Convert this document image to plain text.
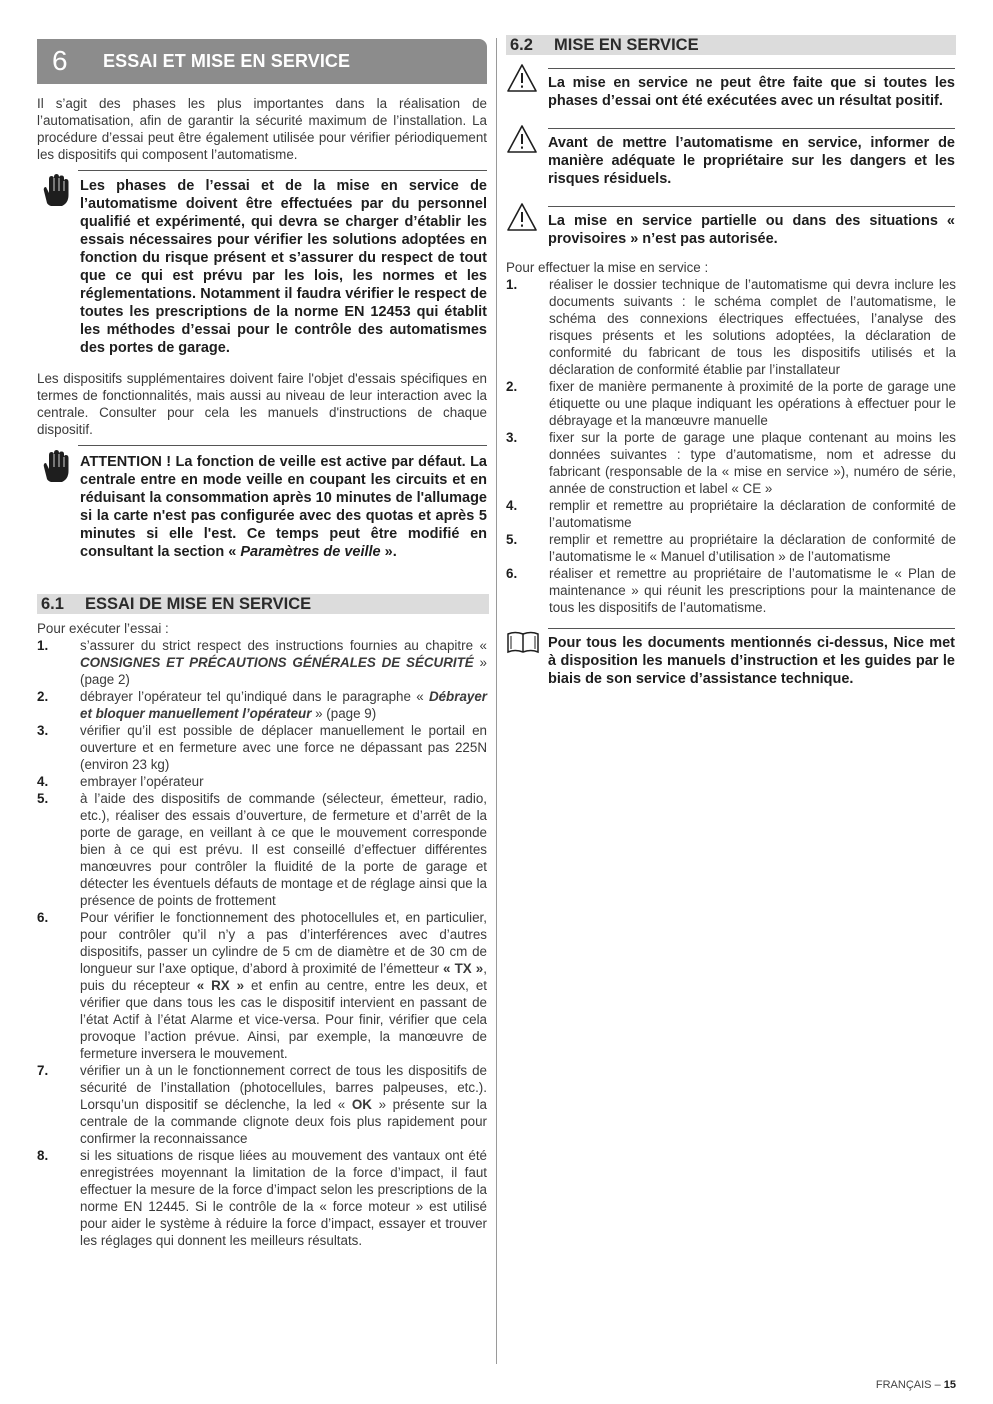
6 ESSAI ET MISE EN SERVICE
Il s’agit des phases les plus importantes dans la réalisation de l’automatisation, afin de garantir la sécurité maximum de l’installation. La procédure d’essai peut être également utilisée pour vérifier périodiquement les dispositifs qui composent l’automatisme.
Les phases de l’essai et de la mise en service de l’automatisme doivent être effectuées par du personnel qualifié et expérimenté, qui devra se charger d’établir les essais nécessaires pour vérifier les solutions adoptées en fonction du risque présent et s’assurer du respect de tout que ce qui est prévu par les lois, les normes et les réglementations. Notamment il faudra vérifier le respect de toutes les prescriptions de la norme EN 12453 qui établit les méthodes d’essai pour le contrôle des automatismes des portes de garage.
Les dispositifs supplémentaires doivent faire l'objet d'essais spécifiques en termes de fonctionnalités, mais aussi au niveau de leur interaction avec la centrale. Consulter pour cela les manuels d'instructions de chaque dispositif.
ATTENTION ! La fonction de veille est active par défaut. La centrale entre en mode veille en coupant les circuits et en réduisant la consommation après 10 minutes de l'allumage si la carte n'est pas configurée avec des quotas et après 5 minutes si elle l'est. Ce temps peut être modifié en consultant la section « Paramètres de veille ».
6.1 ESSAI DE MISE EN SERVICE
Pour exécuter l’essai :
1. s’assurer du strict respect des instructions fournies au chapitre « CONSIGNES ET PRÉCAUTIONS GÉNÉRALES DE SÉCURITÉ » (page 2)
2. débrayer l’opérateur tel qu’indiqué dans le paragraphe « Débrayer et bloquer manuellement l’opérateur » (page 9)
3. vérifier qu’il est possible de déplacer manuellement le portail en ouverture et en fermeture avec une force ne dépassant pas 225N (environ 23 kg)
4. embrayer l’opérateur
5. à l’aide des dispositifs de commande (sélecteur, émetteur, radio, etc.), réaliser des essais d’ouverture, de fermeture et d’arrêt de la porte de garage, en veillant à ce que le mouvement corresponde bien à ce qui est prévu. Il est conseillé d’effectuer différentes manœuvres pour contrôler la fluidité de la porte de garage et détecter les éventuels défauts de montage et de réglage ainsi que la présence de points de frottement
6. Pour vérifier le fonctionnement des photocellules et, en particulier, pour contrôler qu’il n’y a pas d’interférences avec d’autres dispositifs, passer un cylindre de 5 cm de diamètre et de 30 cm de longueur sur l’axe optique, d’abord à proximité de l’émetteur « TX », puis du récepteur « RX » et enfin au centre, entre les deux, et vérifier que dans tous les cas le dispositif intervient en passant de l’état Actif à l’état Alarme et vice-versa. Pour finir, vérifier que cela provoque l’action prévue. Ainsi, par exemple, la manœuvre de fermeture inversera le mouvement.
7. vérifier un à un le fonctionnement correct de tous les dispositifs de sécurité de l’installation (photocellules, barres palpeuses, etc.). Lorsqu’un dispositif se déclenche, la led « OK » présente sur la centrale de la commande clignote deux fois plus rapidement pour confirmer la reconnaissance
8. si les situations de risque liées au mouvement des vantaux ont été enregistrées moyennant la limitation de la force d’impact, il faut effectuer la mesure de la force d’impact selon les prescriptions de la norme EN 12445. Si le contrôle de la « force moteur » est utilisé pour aider le système à réduire la force d’impact, essayer et trouver les réglages qui donnent les meilleurs résultats.
6.2 MISE EN SERVICE
La mise en service ne peut être faite que si toutes les phases d’essai ont été exécutées avec un résultat positif.
Avant de mettre l’automatisme en service, informer de manière adéquate le propriétaire sur les dangers et les risques résiduels.
La mise en service partielle ou dans des situations « provisoires » n’est pas autorisée.
Pour effectuer la mise en service :
1. réaliser le dossier technique de l’automatisme qui devra inclure les documents suivants : le schéma complet de l’automatisme, le schéma des connexions électriques effectuées, l’analyse des risques présents et les solutions adoptées, la déclaration de conformité du fabricant de tous les dispositifs utilisés et la déclaration de conformité établie par l’installateur
2. fixer de manière permanente à proximité de la porte de garage une étiquette ou une plaque indiquant les opérations à effectuer pour le débrayage et la manœuvre manuelle
3. fixer sur la porte de garage une plaque contenant au moins les données suivantes : type d’automatisme, nom et adresse du fabricant (responsable de la « mise en service »), numéro de série, année de construction et label « CE »
4. remplir et remettre au propriétaire la déclaration de conformité de l’automatisme
5. remplir et remettre au propriétaire la déclaration de conformité de l’automatisme le « Manuel d’utilisation » de l’automatisme
6. réaliser et remettre au propriétaire de l’automatisme le « Plan de maintenance » qui réunit les prescriptions pour la maintenance de tous les dispositifs de l’automatisme.
Pour tous les documents mentionnés ci-dessus, Nice met à disposition les manuels d’instruction et les guides par le biais de son service d’assistance technique.
FRANÇAIS – 15
